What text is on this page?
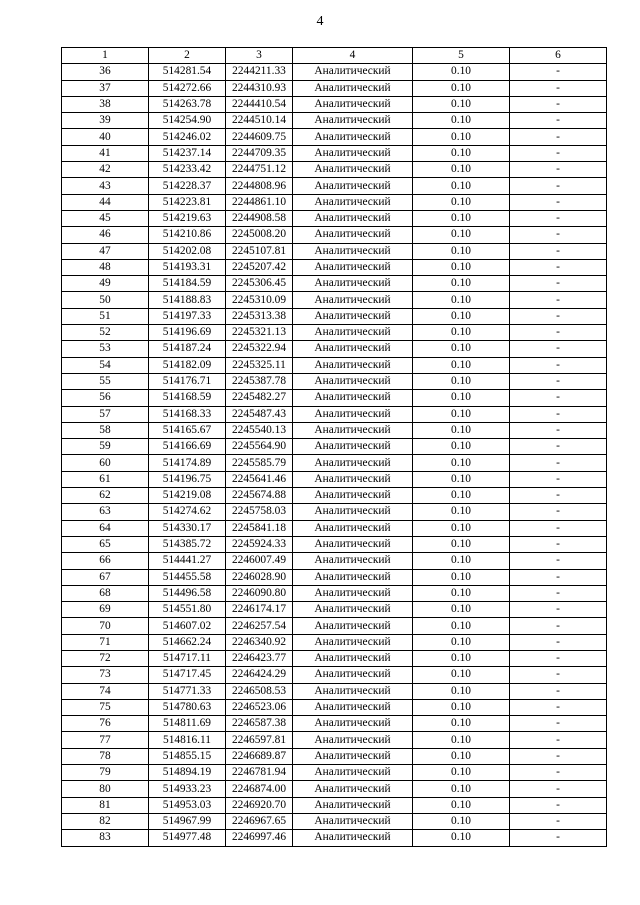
4
1	2	3	4	5	6
36	514281.54	2244211.33	Аналитический	0.10	-
37	514272.66	2244310.93	Аналитический	0.10	-
38	514263.78	2244410.54	Аналитический	0.10	-
39	514254.90	2244510.14	Аналитический	0.10	-
40	514246.02	2244609.75	Аналитический	0.10	-
41	514237.14	2244709.35	Аналитический	0.10	-
42	514233.42	2244751.12	Аналитический	0.10	-
43	514228.37	2244808.96	Аналитический	0.10	-
44	514223.81	2244861.10	Аналитический	0.10	-
45	514219.63	2244908.58	Аналитический	0.10	-
46	514210.86	2245008.20	Аналитический	0.10	-
47	514202.08	2245107.81	Аналитический	0.10	-
48	514193.31	2245207.42	Аналитический	0.10	-
49	514184.59	2245306.45	Аналитический	0.10	-
50	514188.83	2245310.09	Аналитический	0.10	-
51	514197.33	2245313.38	Аналитический	0.10	-
52	514196.69	2245321.13	Аналитический	0.10	-
53	514187.24	2245322.94	Аналитический	0.10	-
54	514182.09	2245325.11	Аналитический	0.10	-
55	514176.71	2245387.78	Аналитический	0.10	-
56	514168.59	2245482.27	Аналитический	0.10	-
57	514168.33	2245487.43	Аналитический	0.10	-
58	514165.67	2245540.13	Аналитический	0.10	-
59	514166.69	2245564.90	Аналитический	0.10	-
60	514174.89	2245585.79	Аналитический	0.10	-
61	514196.75	2245641.46	Аналитический	0.10	-
62	514219.08	2245674.88	Аналитический	0.10	-
63	514274.62	2245758.03	Аналитический	0.10	-
64	514330.17	2245841.18	Аналитический	0.10	-
65	514385.72	2245924.33	Аналитический	0.10	-
66	514441.27	2246007.49	Аналитический	0.10	-
67	514455.58	2246028.90	Аналитический	0.10	-
68	514496.58	2246090.80	Аналитический	0.10	-
69	514551.80	2246174.17	Аналитический	0.10	-
70	514607.02	2246257.54	Аналитический	0.10	-
71	514662.24	2246340.92	Аналитический	0.10	-
72	514717.11	2246423.77	Аналитический	0.10	-
73	514717.45	2246424.29	Аналитический	0.10	-
74	514771.33	2246508.53	Аналитический	0.10	-
75	514780.63	2246523.06	Аналитический	0.10	-
76	514811.69	2246587.38	Аналитический	0.10	-
77	514816.11	2246597.81	Аналитический	0.10	-
78	514855.15	2246689.87	Аналитический	0.10	-
79	514894.19	2246781.94	Аналитический	0.10	-
80	514933.23	2246874.00	Аналитический	0.10	-
81	514953.03	2246920.70	Аналитический	0.10	-
82	514967.99	2246967.65	Аналитический	0.10	-
83	514977.48	2246997.46	Аналитический	0.10	-
